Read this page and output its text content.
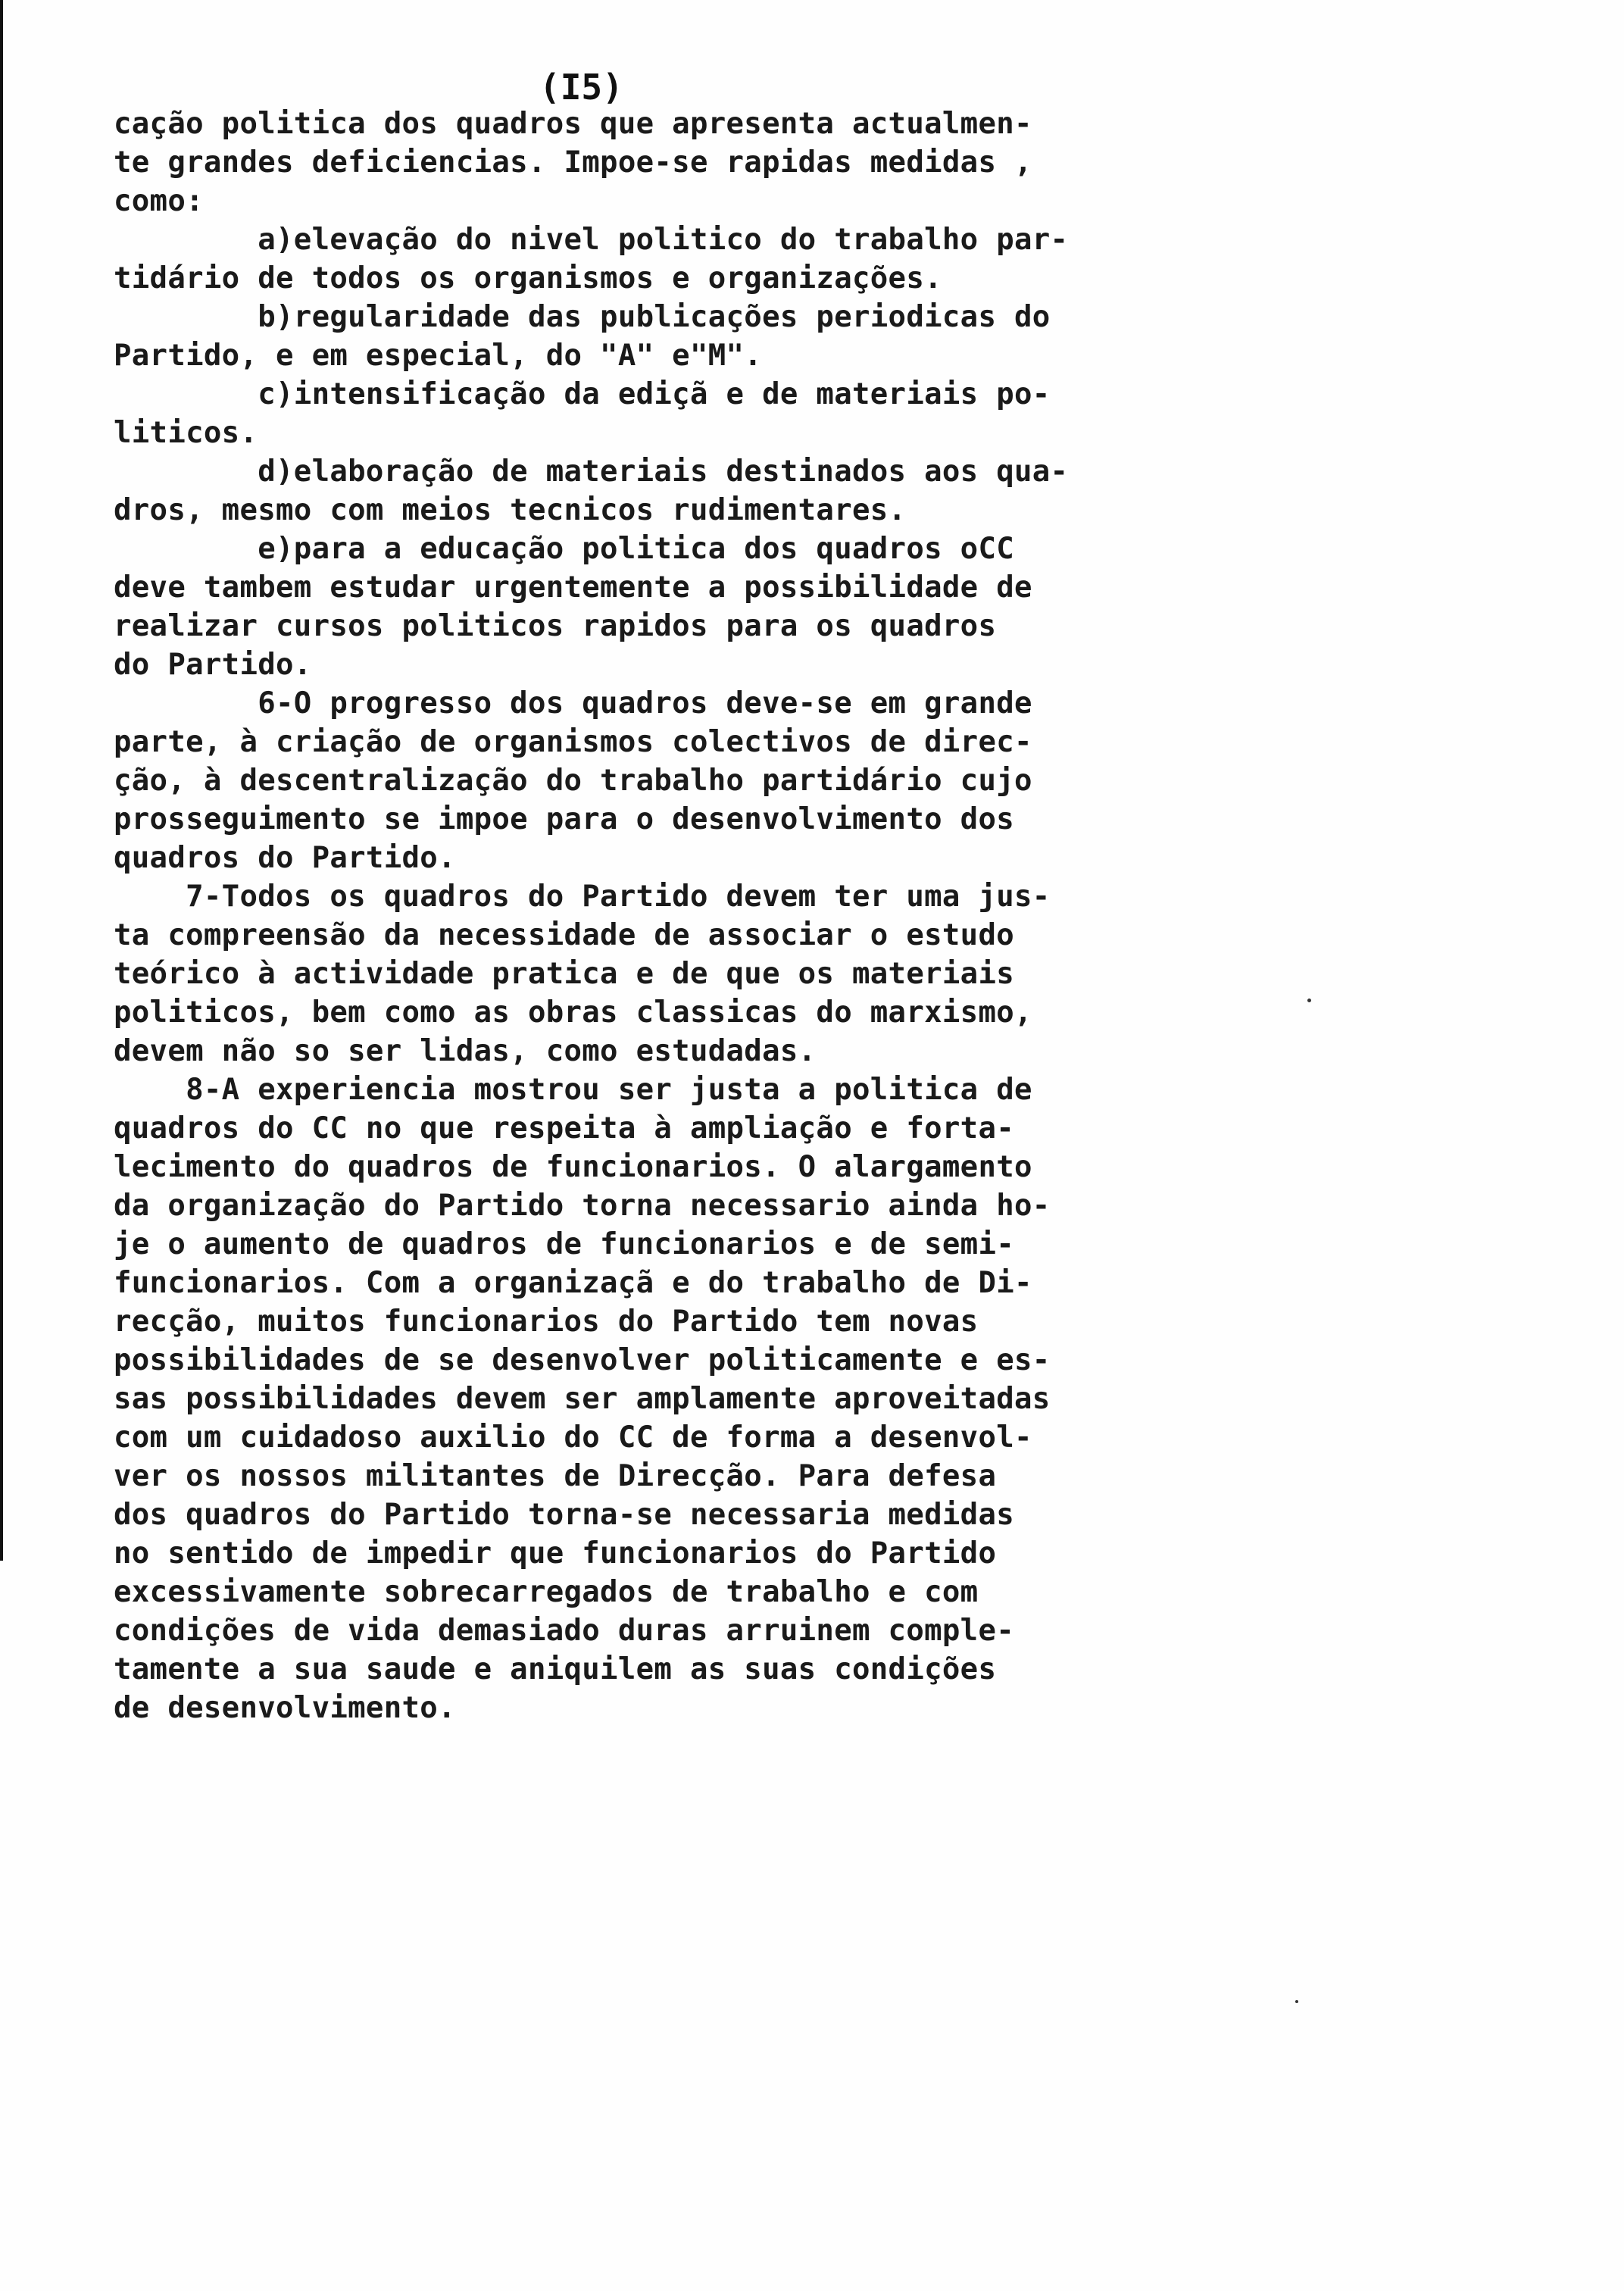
(I5)
cação politica dos quadros que apresenta actualmen-
te grandes deficiencias. Impoe-se rapidas medidas ,
como:
a)elevação do nivel politico do trabalho par-
tidário de todos os organismos e organizações.
b)regularidade das publicações periodicas do
Partido, e em especial, do "A" e"M".
c)intensificação da ediçã e de materiais po-
liticos.
d)elaboração de materiais destinados aos qua-
dros, mesmo com meios tecnicos rudimentares.
e)para a educação politica dos quadros oCC
deve tambem estudar urgentemente a possibilidade de
realizar cursos politicos rapidos para os quadros
do Partido.
6-O progresso dos quadros deve-se em grande
parte, à criação de organismos colectivos de direc-
ção, à descentralização do trabalho partidário cujo
prosseguimento se impoe para o desenvolvimento dos
quadros do Partido.
7-Todos os quadros do Partido devem ter uma jus-
ta compreensão da necessidade de associar o estudo
teórico à actividade pratica e de que os materiais
politicos, bem como as obras classicas do marxismo,
devem não so ser lidas, como estudadas.
8-A experiencia mostrou ser justa a politica de
quadros do CC no que respeita à ampliação e forta-
lecimento do quadros de funcionarios. O alargamento
da organização do Partido torna necessario ainda ho-
je o aumento de quadros de funcionarios e de semi-
funcionarios. Com a organizaçã e do trabalho de Di-
recção, muitos funcionarios do Partido tem novas
possibilidades de se desenvolver politicamente e es-
sas possibilidades devem ser amplamente aproveitadas
com um cuidadoso auxilio do CC de forma a desenvol-
ver os nossos militantes de Direcção. Para defesa
dos quadros do Partido torna-se necessaria medidas
no sentido de impedir que funcionarios do Partido
excessivamente sobrecarregados de trabalho e com
condições de vida demasiado duras arruinem comple-
tamente a sua saude e aniquilem as suas condições
de desenvolvimento.
